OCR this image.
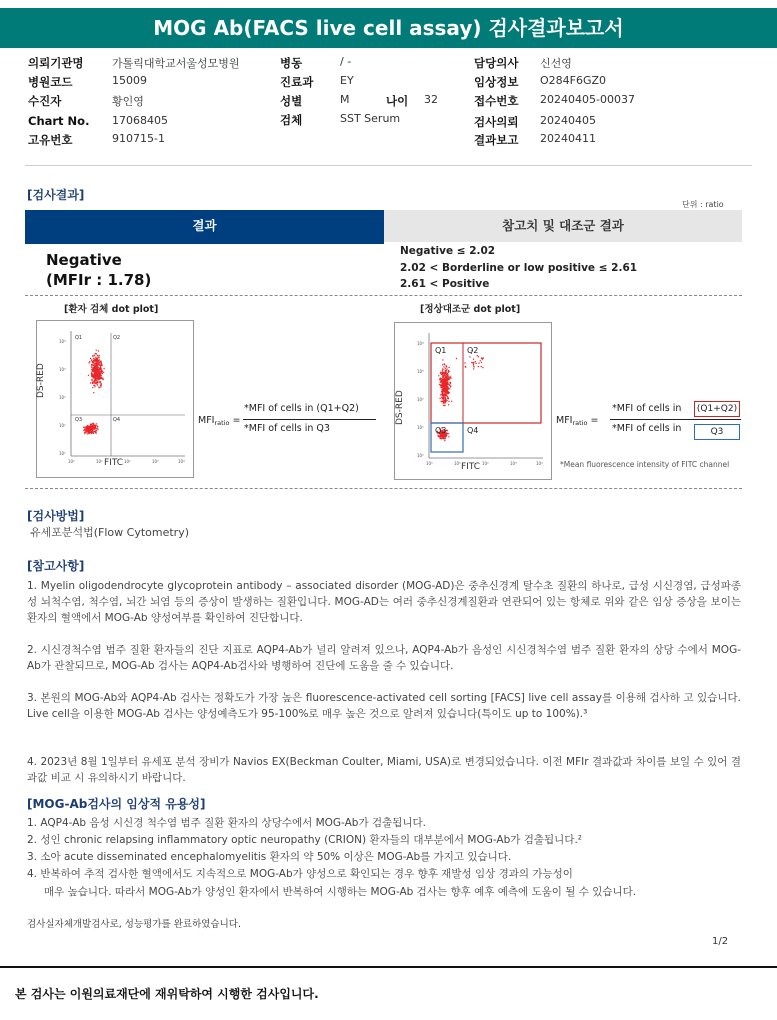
MOG Ab(FACS live cell assay) 검사결과보고서
의뢰기관명	가톨릭대학교서울성모병원
병원코드	15009
수진자	황인영
Chart No. 17068405
고유번호	910715-1
병동	/ -
진료과 EY
성별	M	나이 32
검체	SST Serum
담당의사 신선영
임상정보 O284F6GZ0
접수번호 20240405-00037
검사의뢰 20240405
결과보고 20240411
[검사결과]
단위 : ratio
결과	참고치 및 대조군 결과
Negative
(MFIr : 1.78)
Negative ≤ 2.02
2.02 < Borderline or low positive ≤ 2.61
2.61 < Positive
[환자 검체 dot plot]
Q1	Q2
Q3	Q4
10⁴
10³
10²
10¹
10⁰
10⁰	10¹	10²	10³	10⁴
DS-RED
FITC
$MFI_{ratio}$ =
*MFI of cells in (Q1+Q2)
*MFI of cells in Q3
[정상대조군 dot plot]
Q1	Q2
Q3	Q4
10⁴
10³
10²
10¹
10⁰
10⁰	10¹	10²	10³	10⁴
DS-RED
FITC
$MFI_{ratio}$ =
*MFI of cells in	(Q1+Q2)
*MFI of cells in	Q3
*Mean fluorescence intensity of FITC channel
[검사방법]
유세포분석법(Flow Cytometry)
[참고사항]
1. Myelin oligodendrocyte glycoprotein antibody – associated disorder (MOG-AD)은 중추신경계 탈수초 질환의 하나로, 급성 시신경염, 급성파종성 뇌척수염, 척수염, 뇌간 뇌염 등의 증상이 발생하는 질환입니다. MOG-AD는 여러 중추신경계질환과 연관되어 있는 항체로 위와 같은 임상 증상을 보이는 환자의 혈액에서 MOG-Ab 양성여부를 확인하여 진단합니다.
2. 시신경척수염 범주 질환 환자들의 진단 지표로 AQP4-Ab가 널리 알려져 있으나, AQP4-Ab가 음성인 시신경척수염 범주 질환 환자의 상당 수에서 MOG-Ab가 관찰되므로, MOG-Ab 검사는 AQP4-Ab검사와 병행하여 진단에 도움을 줄 수 있습니다.
3. 본원의 MOG-Ab와 AQP4-Ab 검사는 정확도가 가장 높은 fluorescence-activated cell sorting [FACS] live cell assay를 이용해 검사하 고 있습니다. Live cell을 이용한 MOG-Ab 검사는 양성예측도가 95-100%로 매우 높은 것으로 알려져 있습니다(특이도 up to 100%).³
4. 2023년 8월 1일부터 유세포 분석 장비가 Navios EX(Beckman Coulter, Miami, USA)로 변경되었습니다. 이전 MFIr 결과값과 차이를 보일 수 있어 결과값 비교 시 유의하시기 바랍니다.
[MOG-Ab검사의 임상적 유용성]
1. AQP4-Ab 음성 시신경 척수염 범주 질환 환자의 상당수에서 MOG-Ab가 검출됩니다.
2. 성인 chronic relapsing inflammatory optic neuropathy (CRION) 환자들의 대부분에서 MOG-Ab가 검출됩니다.²
3. 소아 acute disseminated encephalomyelitis 환자의 약 50% 이상은 MOG-Ab를 가지고 있습니다.
4. 반복하여 추적 검사한 혈액에서도 지속적으로 MOG-Ab가 양성으로 확인되는 경우 향후 재발성 임상 경과의 가능성이
매우 높습니다. 따라서 MOG-Ab가 양성인 환자에서 반복하여 시행하는 MOG-Ab 검사는 향후 예후 예측에 도움이 될 수 있습니다.
검사실자체개발검사로, 성능평가를 완료하였습니다.
1/2
본 검사는 이원의료재단에 재위탁하여 시행한 검사입니다.
